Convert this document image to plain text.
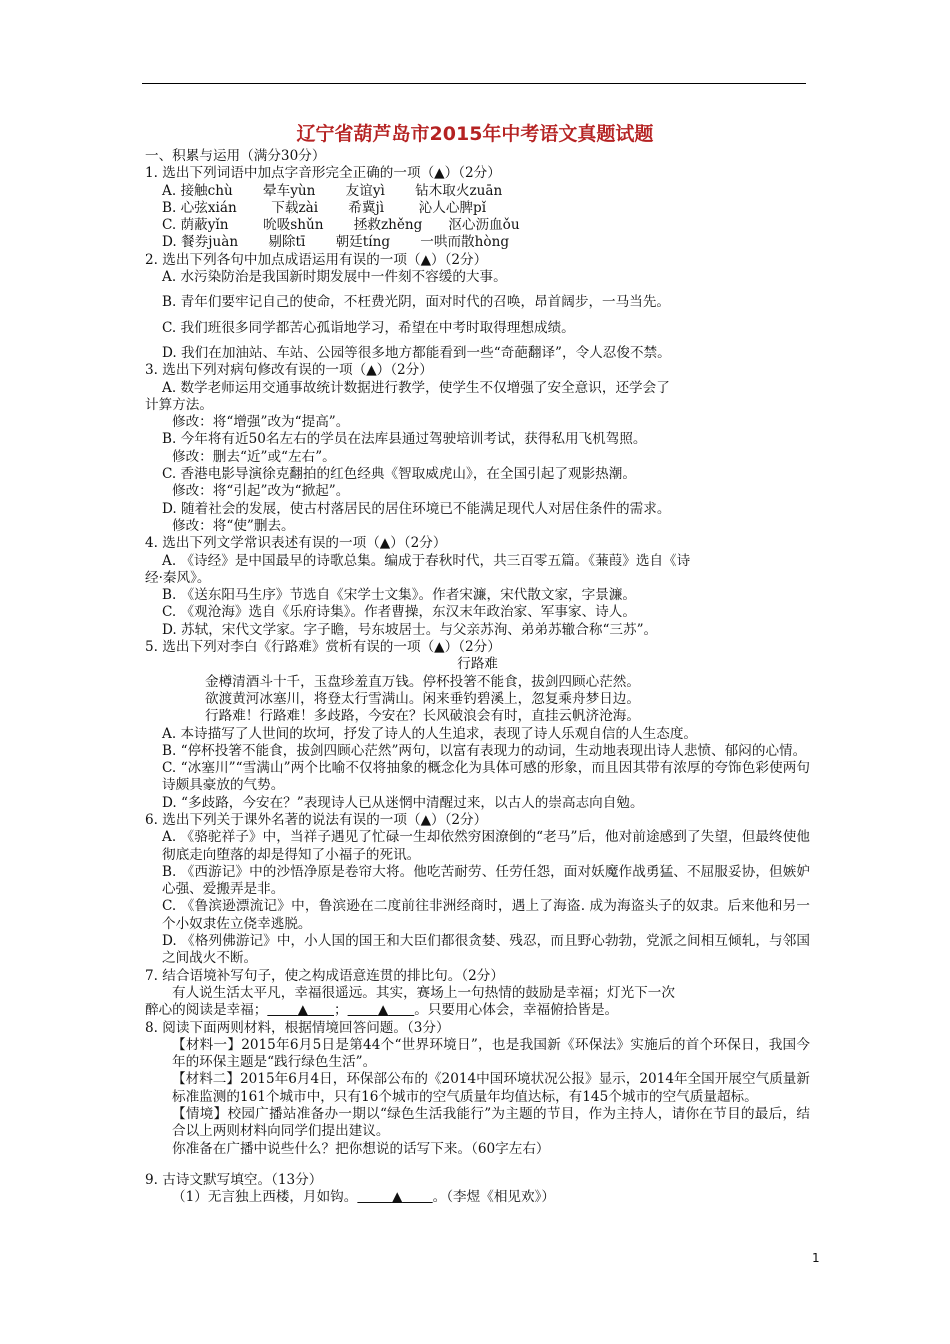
辽宁省葫芦岛市2015年中考语文真题试题
一、积累与运用（满分30分）
1. 选出下列词语中加点字音形完全正确的一项（▲）（2分）
A. 接触chù       晕车yùn       友谊yì       钻木取火zuān
B. 心弦xián        下载zài       希冀jì        沁人心脾pǐ
C. 荫蔽yǐn        吮吸shǔn       拯救zhěng      沤心沥血ǒu
D. 餐券juàn       剔除tī       朝廷tíng       一哄而散hòng
2. 选出下列各句中加点成语运用有误的一项（▲）（2分）
A. 水污染防治是我国新时期发展中一件刻不容缓的大事。
B. 青年们要牢记自己的使命，不枉费光阴，面对时代的召唤，昂首阔步，一马当先。
C. 我们班很多同学都苦心孤诣地学习，希望在中考时取得理想成绩。
D. 我们在加油站、车站、公园等很多地方都能看到一些“奇葩翻译”，令人忍俊不禁。
3. 选出下列对病句修改有误的一项（▲）（2分）
A. 数学老师运用交通事故统计数据进行教学，使学生不仅增强了安全意识，还学会了
计算方法。
修改：将“增强”改为“提高”。
B. 今年将有近50名左右的学员在法库县通过驾驶培训考试，获得私用飞机驾照。
修改：删去“近”或“左右”。
C. 香港电影导演徐克翻拍的红色经典《智取威虎山》，在全国引起了观影热潮。
修改：将“引起”改为“掀起”。
D. 随着社会的发展，使古村落居民的居住环境已不能满足现代人对居住条件的需求。
修改：将“使”删去。
4. 选出下列文学常识表述有误的一项（▲）（2分）
A. 《诗经》是中国最早的诗歌总集。编成于春秋时代，共三百零五篇。《蒹葭》选自《诗
经·秦风》。
B. 《送东阳马生序》节选自《宋学士文集》。作者宋濂，宋代散文家，字景濂。
C. 《观沧海》选自《乐府诗集》。作者曹操，东汉末年政治家、军事家、诗人。
D. 苏轼，宋代文学家。字子瞻，号东坡居士。与父亲苏洵、弟弟苏辙合称“三苏”。
5. 选出下列对李白《行路难》赏析有误的一项（▲）（2分）
行路难
金樽清酒斗十千，玉盘珍羞直万钱。停杯投箸不能食，拔剑四顾心茫然。
欲渡黄河冰塞川，将登太行雪满山。闲来垂钓碧溪上，忽复乘舟梦日边。
行路难！行路难！多歧路，今安在？长风破浪会有时，直挂云帆济沧海。
A. 本诗描写了人世间的坎坷，抒发了诗人的人生追求，表现了诗人乐观自信的人生态度。
B. “停杯投箸不能食，拔剑四顾心茫然”两句，以富有表现力的动词，生动地表现出诗人悲愤、郁闷的心情。
C. “冰塞川”“雪满山”两个比喻不仅将抽象的概念化为具体可感的形象，而且因其带有浓厚的夸饰色彩使两句诗颇具豪放的气势。
D. “多歧路，今安在？”表现诗人已从迷惘中清醒过来，以古人的崇高志向自勉。
6. 选出下列关于课外名著的说法有误的一项（▲）（2分）
A. 《骆驼祥子》中，当祥子遇见了忙碌一生却依然穷困潦倒的“老马”后，他对前途感到了失望，但最终使他彻底走向堕落的却是得知了小福子的死讯。
B. 《西游记》中的沙悟净原是卷帘大将。他吃苦耐劳、任劳任怨，面对妖魔作战勇猛、不屈服妥协，但嫉妒心强、爱搬弄是非。
C. 《鲁滨逊漂流记》中，鲁滨逊在二度前往非洲经商时，遇上了海盗. 成为海盗头子的奴隶。后来他和另一个小奴隶佐立侥幸逃脱。
D. 《格列佛游记》中，小人国的国王和大臣们都很贪婪、残忍，而且野心勃勃，党派之间相互倾轧，与邻国之间战火不断。
7. 结合语境补写句子，使之构成语意连贯的排比句。（2分）
有人说生活太平凡，幸福很遥远。其实，赛场上一句热情的鼓励是幸福；灯光下一次
醉心的阅读是幸福； ▲ ； ▲ 。只要用心体会，幸福俯拾皆是。
8. 阅读下面两则材料，根据情境回答问题。（3分）
【材料一】2015年6月5日是第44个“世界环境日”，也是我国新《环保法》实施后的首个环保日，我国今年的环保主题是“践行绿色生活”。
【材料二】2015年6月4日，环保部公布的《2014中国环境状况公报》显示，2014年全国开展空气质量新标准监测的161个城市中，只有16个城市的空气质量年均值达标，有145个城市的空气质量超标。
【情境】校园广播站准备办一期以“绿色生活我能行”为主题的节目，作为主持人，请你在节目的最后，结合以上两则材料向同学们提出建议。
你准备在广播中说些什么？把你想说的话写下来。（60字左右）
9. 古诗文默写填空。（13分）
（1）无言独上西楼，月如钩。	▲ 。（李煜《相见欢》）
1
